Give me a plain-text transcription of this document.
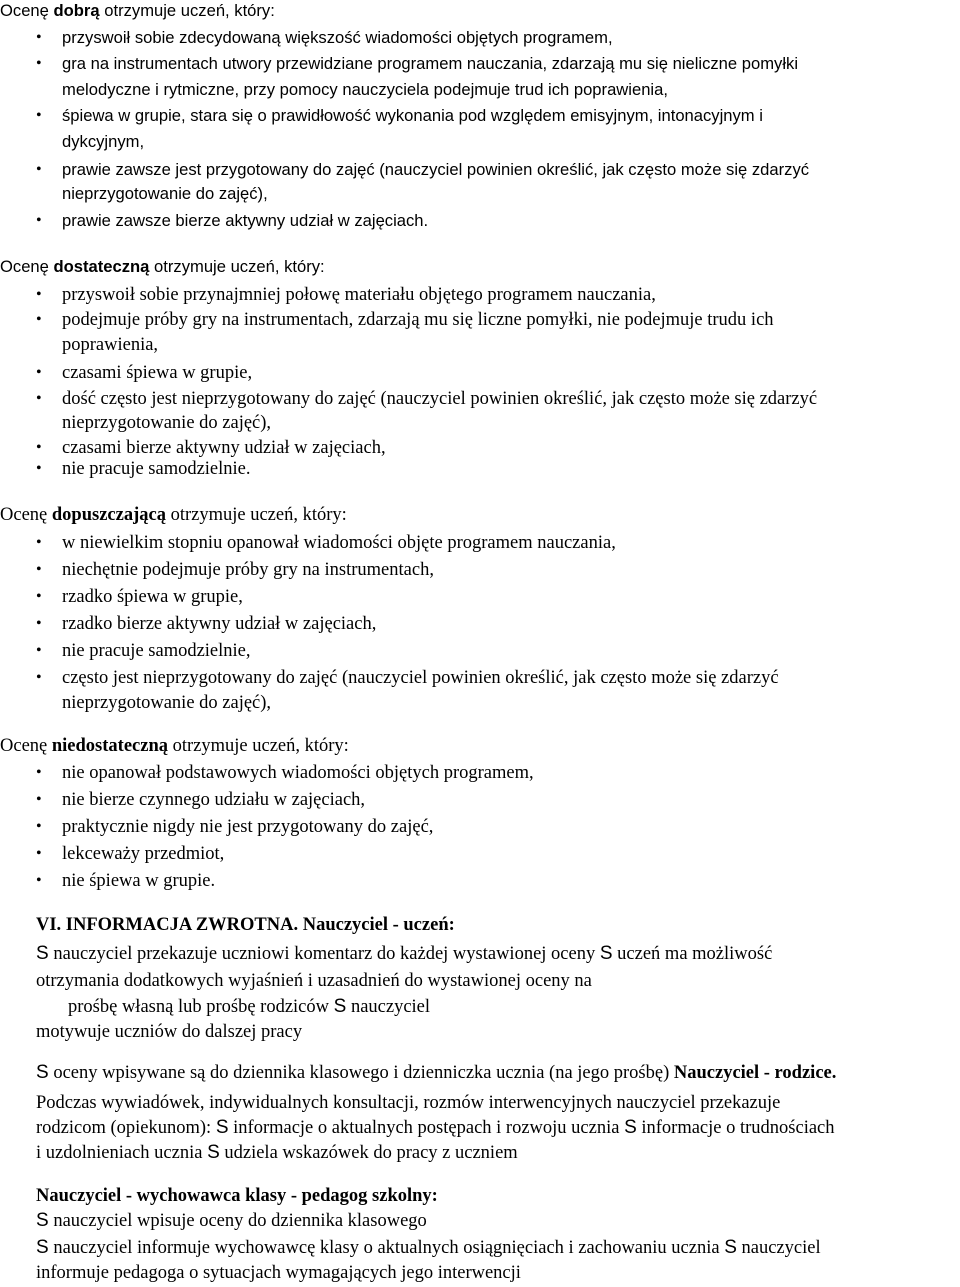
Ocenę dobrą otrzymuje uczeń, który:
• przyswoił sobie zdecydowaną większość wiadomości objętych programem,
• gra na instrumentach utwory przewidziane programem nauczania, zdarzają mu się nieliczne pomyłki
melodyczne i rytmiczne, przy pomocy nauczyciela podejmuje trud ich poprawienia,
• śpiewa w grupie, stara się o prawidłowość wykonania pod względem emisyjnym, intonacyjnym i
dykcyjnym,
• prawie zawsze jest przygotowany do zajęć (nauczyciel powinien określić, jak często może się zdarzyć
nieprzygotowanie do zajęć),
• prawie zawsze bierze aktywny udział w zajęciach.
Ocenę dostateczną otrzymuje uczeń, który:
• przyswoił sobie przynajmniej połowę materiału objętego programem nauczania,
• podejmuje próby gry na instrumentach, zdarzają mu się liczne pomyłki, nie podejmuje trudu ich
poprawienia,
• czasami śpiewa w grupie,
• dość często jest nieprzygotowany do zajęć (nauczyciel powinien określić, jak często może się zdarzyć
nieprzygotowanie do zajęć),
• czasami bierze aktywny udział w zajęciach,
• nie pracuje samodzielnie.
Ocenę dopuszczającą otrzymuje uczeń, który:
• w niewielkim stopniu opanował wiadomości objęte programem nauczania,
• niechętnie podejmuje próby gry na instrumentach,
• rzadko śpiewa w grupie,
• rzadko bierze aktywny udział w zajęciach,
• nie pracuje samodzielnie,
• często jest nieprzygotowany do zajęć (nauczyciel powinien określić, jak często może się zdarzyć
nieprzygotowanie do zajęć),
Ocenę niedostateczną otrzymuje uczeń, który:
• nie opanował podstawowych wiadomości objętych programem,
• nie bierze czynnego udziału w zajęciach,
• praktycznie nigdy nie jest przygotowany do zajęć,
• lekceważy przedmiot,
• nie śpiewa w grupie.
VI. INFORMACJA ZWROTNA. Nauczyciel - uczeń:
S nauczyciel przekazuje uczniowi komentarz do każdej wystawionej oceny S uczeń ma możliwość
otrzymania dodatkowych wyjaśnień i uzasadnień do wystawionej oceny na
prośbę własną lub prośbę rodziców S nauczyciel
motywuje uczniów do dalszej pracy
S oceny wpisywane są do dziennika klasowego i dzienniczka ucznia (na jego prośbę) Nauczyciel - rodzice.
Podczas wywiadówek, indywidualnych konsultacji, rozmów interwencyjnych nauczyciel przekazuje
rodzicom (opiekunom): S informacje o aktualnych postępach i rozwoju ucznia S informacje o trudnościach
i uzdolnieniach ucznia S udziela wskazówek do pracy z uczniem
Nauczyciel - wychowawca klasy - pedagog szkolny:
S nauczyciel wpisuje oceny do dziennika klasowego
S nauczyciel informuje wychowawcę klasy o aktualnych osiągnięciach i zachowaniu ucznia S nauczyciel
informuje pedagoga o sytuacjach wymagających jego interwencji
